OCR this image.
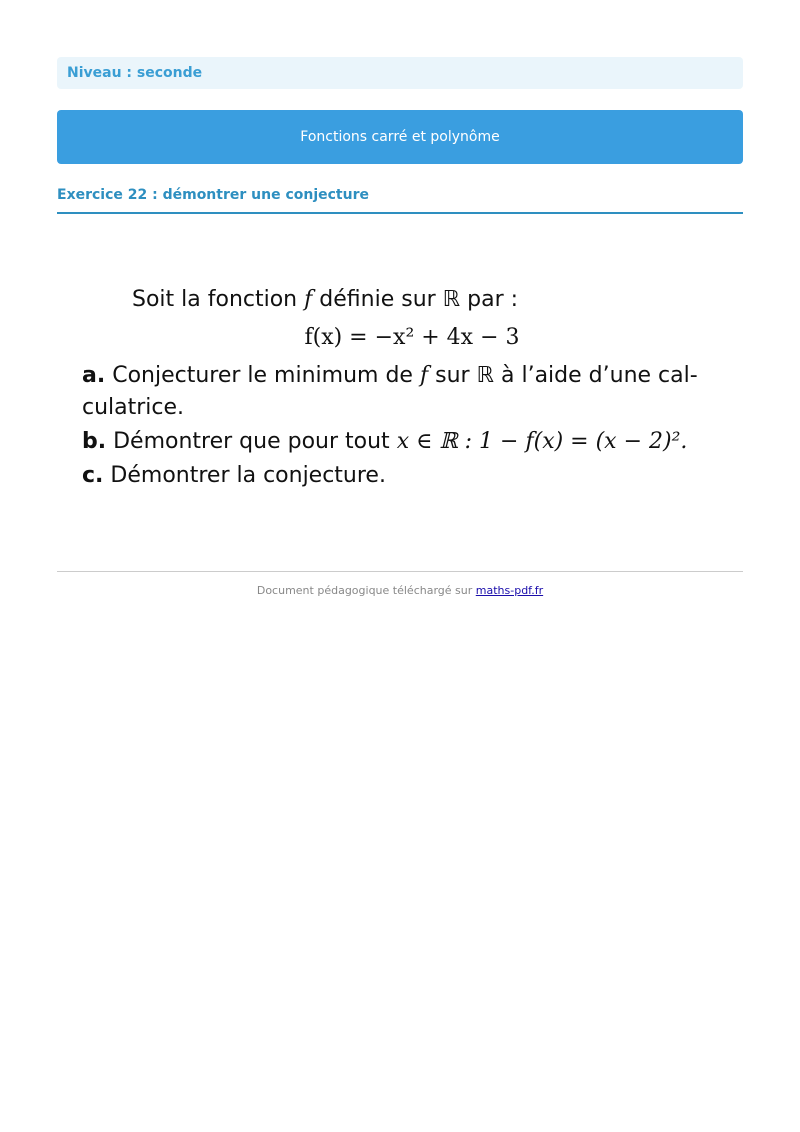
Niveau : seconde
Fonctions carré et polynôme
Exercice 22 : démontrer une conjecture
Soit la fonction f définie sur ℝ par :
f(x) = −x² + 4x − 3
a. Conjecturer le minimum de f sur ℝ à l’aide d’une cal-culatrice.
b. Démontrer que pour tout x ∈ ℝ : 1 − f(x) = (x − 2)².
c. Démontrer la conjecture.
Document pédagogique téléchargé sur maths-pdf.fr
